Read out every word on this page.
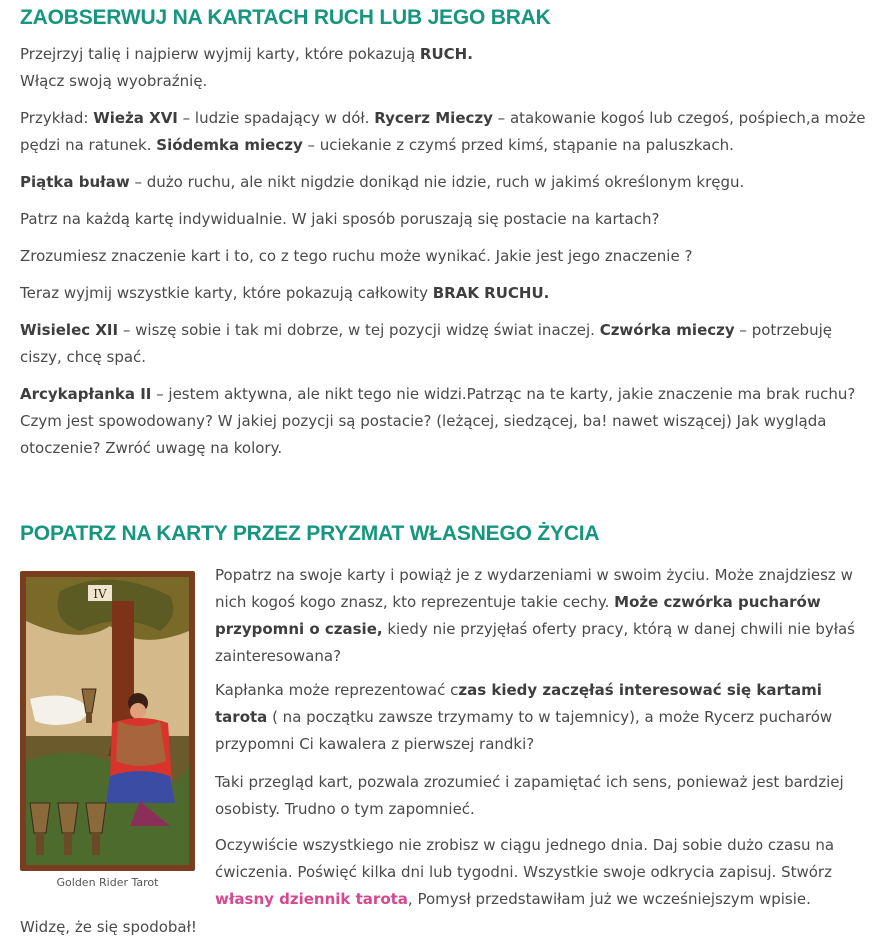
ZAOBSERWUJ NA KARTACH RUCH LUB JEGO BRAK

Przejrzyj talię i najpierw wyjmij karty, które pokazują RUCH.
Włącz swoją wyobraźnię.

Przykład: Wieża XVI – ludzie spadający w dół. Rycerz Mieczy – atakowanie kogoś lub czegoś, pośpiech,a może pędzi na ratunek. Siódemka mieczy – uciekanie z czymś przed kimś, stąpanie na paluszkach.

Piątka buław – dużo ruchu, ale nikt nigdzie donikąd nie idzie, ruch w jakimś określonym kręgu.

Patrz na każdą kartę indywidualnie. W jaki sposób poruszają się postacie na kartach?

Zrozumiesz znaczenie kart i to, co z tego ruchu może wynikać. Jakie jest jego znaczenie ?

Teraz wyjmij wszystkie karty, które pokazują całkowity BRAK RUCHU.

Wisielec XII – wiszę sobie i tak mi dobrze, w tej pozycji widzę świat inaczej. Czwórka mieczy – potrzebuję ciszy, chcę spać.

Arcykapłanka II – jestem aktywna, ale nikt tego nie widzi.Patrząc na te karty, jakie znaczenie ma brak ruchu? Czym jest spowodowany? W jakiej pozycji są postacie? (leżącej, siedzącej, ba! nawet wiszącej) Jak wygląda otoczenie? Zwróć uwagę na kolory.

POPATRZ NA KARTY PRZEZ PRYZMAT WŁASNEGO ŻYCIA
IV
Golden Rider Tarot

Popatrz na swoje karty i powiąż je z wydarzeniami w swoim życiu. Może znajdziesz w nich kogoś kogo znasz, kto reprezentuje takie cechy. Może czwórka pucharów przypomni o czasie, kiedy nie przyjęłaś oferty pracy, którą w danej chwili nie byłaś zainteresowana?

Kapłanka może reprezentować czas kiedy zaczęłaś interesować się kartami tarota ( na początku zawsze trzymamy to w tajemnicy), a może Rycerz pucharów przypomni Ci kawalera z pierwszej randki?

Taki przegląd kart, pozwala zrozumieć i zapamiętać ich sens, ponieważ jest bardziej osobisty. Trudno o tym zapomnieć.

Oczywiście wszystkiego nie zrobisz w ciągu jednego dnia. Daj sobie dużo czasu na ćwiczenia. Poświęć kilka dni lub tygodni. Wszystkie swoje odkrycia zapisuj. Stwórz własny dziennik tarota, Pomysł przedstawiłam już we wcześniejszym wpisie.

Widzę, że się spodobał!
